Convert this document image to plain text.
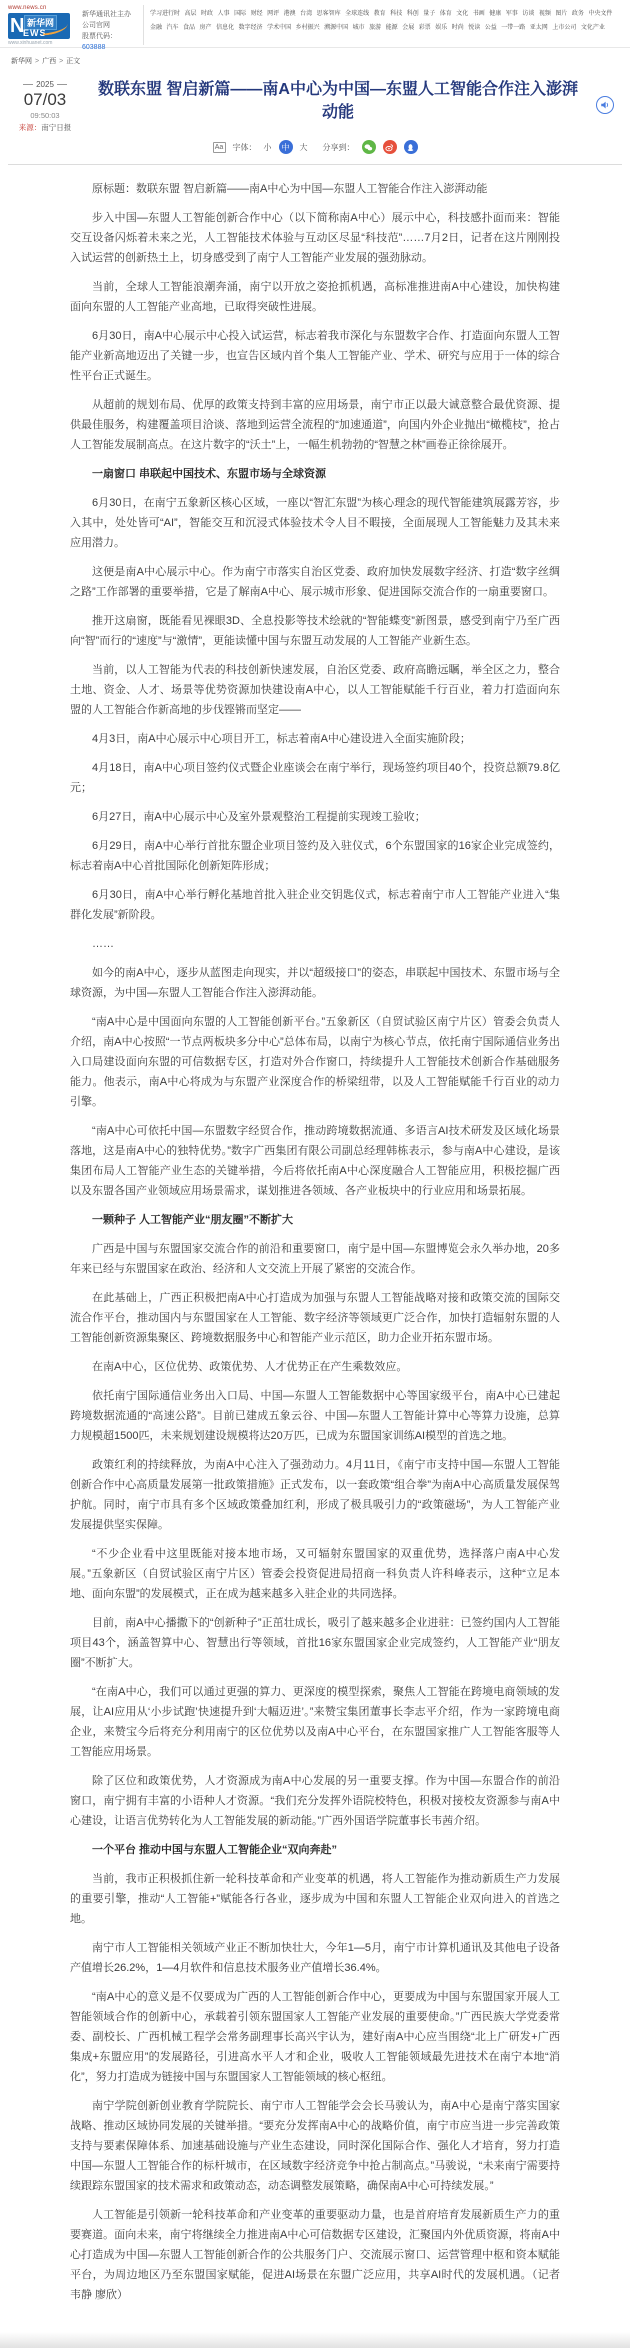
www.news.cn
N 新华网
EWS
www.xinhuanet.com
新华通讯社主办
公司官网
股票代码：603888
学习进行时 高层 时政 人事 国际 财经 网评 港澳 台湾 思客智库 全球连线 教育 科技 科创 量子 体育 文化 书画 健康 军事 访谈 视频 图片 政务 中央文件
金融 汽车 食品 房产 信息化 数字经济 学术中国 乡村振兴 溯源中国 城市 旅游 能源 会展 彩票 娱乐 时尚 悦读 公益 一带一路 亚太网 上市公司 文化产业
新华网 > 广西 > 正文
2025
07/03
09:50:03
来源：南宁日报
数联东盟 智启新篇——南A中心为中国—东盟人工智能合作注入澎湃动能
Aa 字体： 小	中	大 分享到：

原标题：数联东盟 智启新篇——南A中心为中国—东盟人工智能合作注入澎湃动能

步入中国—东盟人工智能创新合作中心（以下简称南A中心）展示中心，科技感扑面而来：智能交互设备闪烁着未来之光，人工智能技术体验与互动区尽显“科技范”……7月2日，记者在这片刚刚投入试运营的创新热土上，切身感受到了南宁人工智能产业发展的强劲脉动。

当前，全球人工智能浪潮奔涌，南宁以开放之姿抢抓机遇，高标准推进南A中心建设，加快构建面向东盟的人工智能产业高地，已取得突破性进展。

6月30日，南A中心展示中心投入试运营，标志着我市深化与东盟数字合作、打造面向东盟人工智能产业新高地迈出了关键一步，也宣告区域内首个集人工智能产业、学术、研究与应用于一体的综合性平台正式诞生。

从超前的规划布局、优厚的政策支持到丰富的应用场景，南宁市正以最大诚意整合最优资源、提供最佳服务，构建覆盖项目洽谈、落地到运营全流程的“加速通道”，向国内外企业抛出“橄榄枝”，抢占人工智能发展制高点。在这片数字的“沃土”上，一幅生机勃勃的“智慧之林”画卷正徐徐展开。

一扇窗口 串联起中国技术、东盟市场与全球资源

6月30日，在南宁五象新区核心区域，一座以“智汇东盟”为核心理念的现代智能建筑展露芳容，步入其中，处处皆可“AI”，智能交互和沉浸式体验技术令人目不暇接，全面展现人工智能魅力及其未来应用潜力。

这便是南A中心展示中心。作为南宁市落实自治区党委、政府加快发展数字经济、打造“数字丝绸之路”工作部署的重要举措，它是了解南A中心、展示城市形象、促进国际交流合作的一扇重要窗口。

推开这扇窗，既能看见裸眼3D、全息投影等技术绘就的“智能蝶变”新图景，感受到南宁乃至广西向“智”而行的“速度”与“激情”，更能读懂中国与东盟互动发展的人工智能产业新生态。

当前，以人工智能为代表的科技创新快速发展，自治区党委、政府高瞻远瞩，举全区之力，整合土地、资金、人才、场景等优势资源加快建设南A中心，以人工智能赋能千行百业，着力打造面向东盟的人工智能合作新高地的步伐铿锵而坚定——

4月3日，南A中心展示中心项目开工，标志着南A中心建设进入全面实施阶段；

4月18日，南A中心项目签约仪式暨企业座谈会在南宁举行，现场签约项目40个，投资总额79.8亿元；

6月27日，南A中心展示中心及室外景观整治工程提前实现竣工验收；

6月29日，南A中心举行首批东盟企业项目签约及入驻仪式，6个东盟国家的16家企业完成签约，标志着南A中心首批国际化创新矩阵形成；

6月30日，南A中心举行孵化基地首批入驻企业交钥匙仪式，标志着南宁市人工智能产业进入“集群化发展”新阶段。

……

如今的南A中心，逐步从蓝图走向现实，并以“超级接口”的姿态，串联起中国技术、东盟市场与全球资源，为中国—东盟人工智能合作注入澎湃动能。

“南A中心是中国面向东盟的人工智能创新平台。”五象新区（自贸试验区南宁片区）管委会负责人介绍，南A中心按照“一节点两板块多分中心”总体布局，以南宁为核心节点，依托南宁国际通信业务出入口局建设面向东盟的可信数据专区，打造对外合作窗口，持续提升人工智能技术创新合作基础服务能力。他表示，南A中心将成为与东盟产业深度合作的桥梁纽带，以及人工智能赋能千行百业的动力引擎。

“南A中心可依托中国—东盟数字经贸合作，推动跨境数据流通、多语言AI技术研发及区域化场景落地，这是南A中心的独特优势。”数字广西集团有限公司副总经理韩栋表示，参与南A中心建设，是该集团布局人工智能产业生态的关键举措，今后将依托南A中心深度融合人工智能应用，积极挖掘广西以及东盟各国产业领域应用场景需求，谋划推进各领域、各产业板块中的行业应用和场景拓展。

一颗种子 人工智能产业“朋友圈”不断扩大

广西是中国与东盟国家交流合作的前沿和重要窗口，南宁是中国—东盟博览会永久举办地，20多年来已经与东盟国家在政治、经济和人文交流上开展了紧密的交流合作。

在此基础上，广西正积极把南A中心打造成为加强与东盟人工智能战略对接和政策交流的国际交流合作平台，推动国内与东盟国家在人工智能、数字经济等领域更广泛合作，加快打造辐射东盟的人工智能创新资源集聚区、跨境数据服务中心和智能产业示范区，助力企业开拓东盟市场。

在南A中心，区位优势、政策优势、人才优势正在产生乘数效应。

依托南宁国际通信业务出入口局、中国—东盟人工智能数据中心等国家级平台，南A中心已建起跨境数据流通的“高速公路”。目前已建成五象云谷、中国—东盟人工智能计算中心等算力设施，总算力规模超1500匹，未来规划建设规模将达20万匹，已成为东盟国家训练AI模型的首选之地。

政策红利的持续释放，为南A中心注入了强劲动力。4月11日，《南宁市支持中国—东盟人工智能创新合作中心高质量发展第一批政策措施》正式发布，以一套政策“组合拳”为南A中心高质量发展保驾护航。同时，南宁市具有多个区域政策叠加红利，形成了极具吸引力的“政策磁场”，为人工智能产业发展提供坚实保障。

“不少企业看中这里既能对接本地市场，又可辐射东盟国家的双重优势，选择落户南A中心发展。”五象新区（自贸试验区南宁片区）管委会投资促进局招商一科负责人许科峰表示，这种“立足本地、面向东盟”的发展模式，正在成为越来越多入驻企业的共同选择。

目前，南A中心播撒下的“创新种子”正茁壮成长，吸引了越来越多企业进驻：已签约国内人工智能项目43个，涵盖智算中心、智慧出行等领域，首批16家东盟国家企业完成签约，人工智能产业“朋友圈”不断扩大。

“在南A中心，我们可以通过更强的算力、更深度的模型探索，聚焦人工智能在跨境电商领域的发展，让AI应用从‘小步试跑’快速提升到‘大幅迈进’。”来赞宝集团董事长李志平介绍，作为一家跨境电商企业，来赞宝今后将充分利用南宁的区位优势以及南A中心平台，在东盟国家推广人工智能客服等人工智能应用场景。

除了区位和政策优势，人才资源成为南A中心发展的另一重要支撑。作为中国—东盟合作的前沿窗口，南宁拥有丰富的小语种人才资源。“我们充分发挥外语院校特色，积极对接校友资源参与南A中心建设，让语言优势转化为人工智能发展的新动能。”广西外国语学院董事长韦茜介绍。

一个平台 推动中国与东盟人工智能企业“双向奔赴”

当前，我市正积极抓住新一轮科技革命和产业变革的机遇，将人工智能作为推动新质生产力发展的重要引擎，推动“人工智能+”赋能各行各业，逐步成为中国和东盟人工智能企业双向进入的首选之地。

南宁市人工智能相关领域产业正不断加快壮大，今年1—5月，南宁市计算机通讯及其他电子设备产值增长26.2%，1—4月软件和信息技术服务业产值增长36.4%。

“南A中心的意义是不仅要成为广西的人工智能创新合作中心，更要成为中国与东盟国家开展人工智能领域合作的创新中心，承载着引领东盟国家人工智能产业发展的重要使命。”广西民族大学党委常委、副校长、广西机械工程学会常务副理事长高兴宇认为，建好南A中心应当围绕“北上广研发+广西集成+东盟应用”的发展路径，引进高水平人才和企业，吸收人工智能领域最先进技术在南宁本地“消化”，努力打造成为链接中国与东盟国家人工智能领域的核心枢纽。

南宁学院创新创业教育学院院长、南宁市人工智能学会会长马骏认为，南A中心是南宁落实国家战略、推动区域协同发展的关键举措。“要充分发挥南A中心的战略价值，南宁市应当进一步完善政策支持与要素保障体系、加速基础设施与产业生态建设，同时深化国际合作、强化人才培育，努力打造中国—东盟人工智能合作的标杆城市，在区域数字经济竞争中抢占制高点。”马骏说，“未来南宁需要持续跟踪东盟国家的技术需求和政策动态，动态调整发展策略，确保南A中心可持续发展。”

人工智能是引领新一轮科技革命和产业变革的重要驱动力量，也是首府培育发展新质生产力的重要赛道。面向未来，南宁将继续全力推进南A中心可信数据专区建设，汇聚国内外优质资源，将南A中心打造成为中国—东盟人工智能创新合作的公共服务门户、交流展示窗口、运营管理中枢和资本赋能平台，为周边地区乃至东盟国家赋能，促进AI场景在东盟广泛应用，共享AI时代的发展机遇。（记者 韦静 廖欣）
